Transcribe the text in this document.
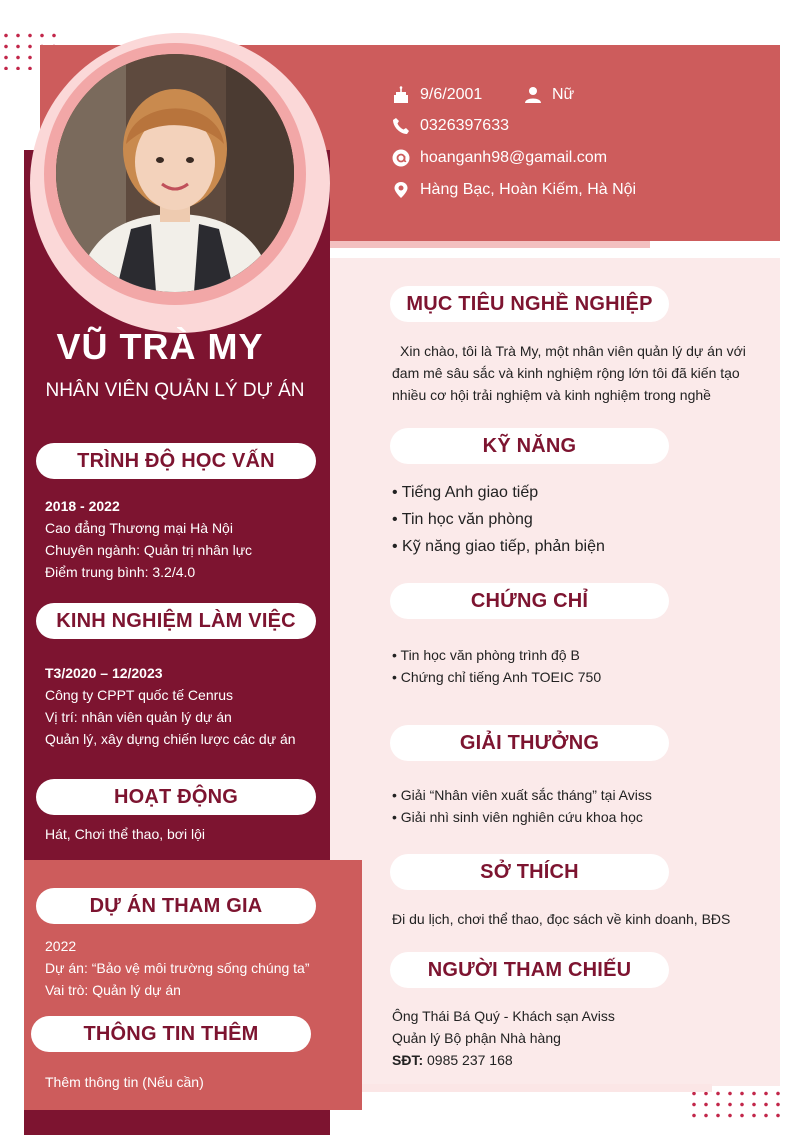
VŨ TRÀ MY
NHÂN VIÊN QUẢN LÝ DỰ ÁN
9/6/2001	Nữ
0326397633
hoanganh98@gamail.com
Hàng Bạc, Hoàn Kiếm, Hà Nội
TRÌNH ĐỘ HỌC VẤN
2018 - 2022
Cao đẳng Thương mại Hà Nội
Chuyên ngành: Quản trị nhân lực
Điểm trung bình: 3.2/4.0
KINH NGHIỆM LÀM VIỆC
T3/2020 – 12/2023
Công ty CPPT quốc tế Cenrus
Vị trí: nhân viên quản lý dự án
Quản lý, xây dựng chiến lược các dự án
HOẠT ĐỘNG
Hát, Chơi thể thao, bơi lội
DỰ ÁN THAM GIA
2022
Dự án: “Bảo vệ môi trường sống chúng ta”
Vai trò: Quản lý dự án
THÔNG TIN THÊM
Thêm thông tin (Nếu cần)
MỤC TIÊU NGHỀ NGHIỆP
Xin chào, tôi là Trà My, một nhân viên quản lý dự án với
đam mê sâu sắc và kinh nghiệm rộng lớn tôi đã kiến tạo
nhiều cơ hội trải nghiệm và kinh nghiệm trong nghề
KỸ NĂNG
• Tiếng Anh giao tiếp
• Tin học văn phòng
• Kỹ năng giao tiếp, phản biện
CHỨNG CHỈ
• Tin học văn phòng trình độ B
• Chứng chỉ tiếng Anh TOEIC 750
GIẢI THƯỞNG
• Giải “Nhân viên xuất sắc tháng” tại Aviss
• Giải nhì sinh viên nghiên cứu khoa học
SỞ THÍCH
Đi du lịch, chơi thể thao, đọc sách về kinh doanh, BĐS
NGƯỜI THAM CHIẾU
Ông Thái Bá Quý - Khách sạn Aviss
Quản lý Bộ phận Nhà hàng
SĐT: 0985 237 168
